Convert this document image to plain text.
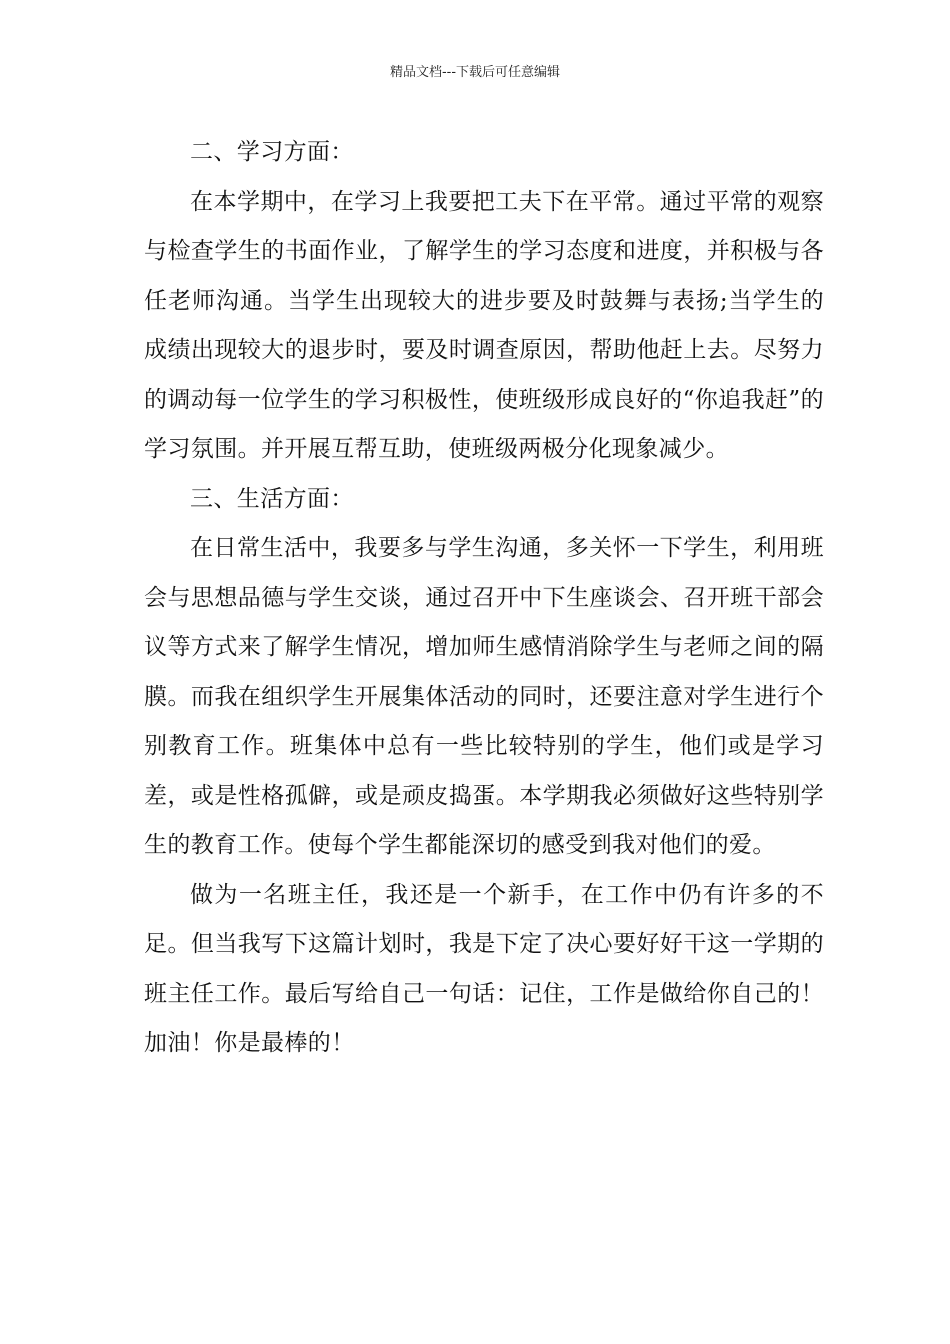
精品文档---下载后可任意编辑

二、学习方面：

在本学期中，在学习上我要把工夫下在平常。通过平常的观察与检查学生的书面作业，了解学生的学习态度和进度，并积极与各任老师沟通。当学生出现较大的进步要及时鼓舞与表扬;当学生的成绩出现较大的退步时，要及时调查原因，帮助他赶上去。尽努力的调动每一位学生的学习积极性，使班级形成良好的“你追我赶”的学习氛围。并开展互帮互助，使班级两极分化现象减少。

三、生活方面：

在日常生活中，我要多与学生沟通，多关怀一下学生，利用班会与思想品德与学生交谈，通过召开中下生座谈会、召开班干部会议等方式来了解学生情况，增加师生感情消除学生与老师之间的隔膜。而我在组织学生开展集体活动的同时，还要注意对学生进行个别教育工作。班集体中总有一些比较特别的学生，他们或是学习差，或是性格孤僻，或是顽皮捣蛋。本学期我必须做好这些特别学生的教育工作。使每个学生都能深切的感受到我对他们的爱。

做为一名班主任，我还是一个新手，在工作中仍有许多的不足。但当我写下这篇计划时，我是下定了决心要好好干这一学期的班主任工作。最后写给自己一句话：记住，工作是做给你自己的！加油！你是最棒的！
